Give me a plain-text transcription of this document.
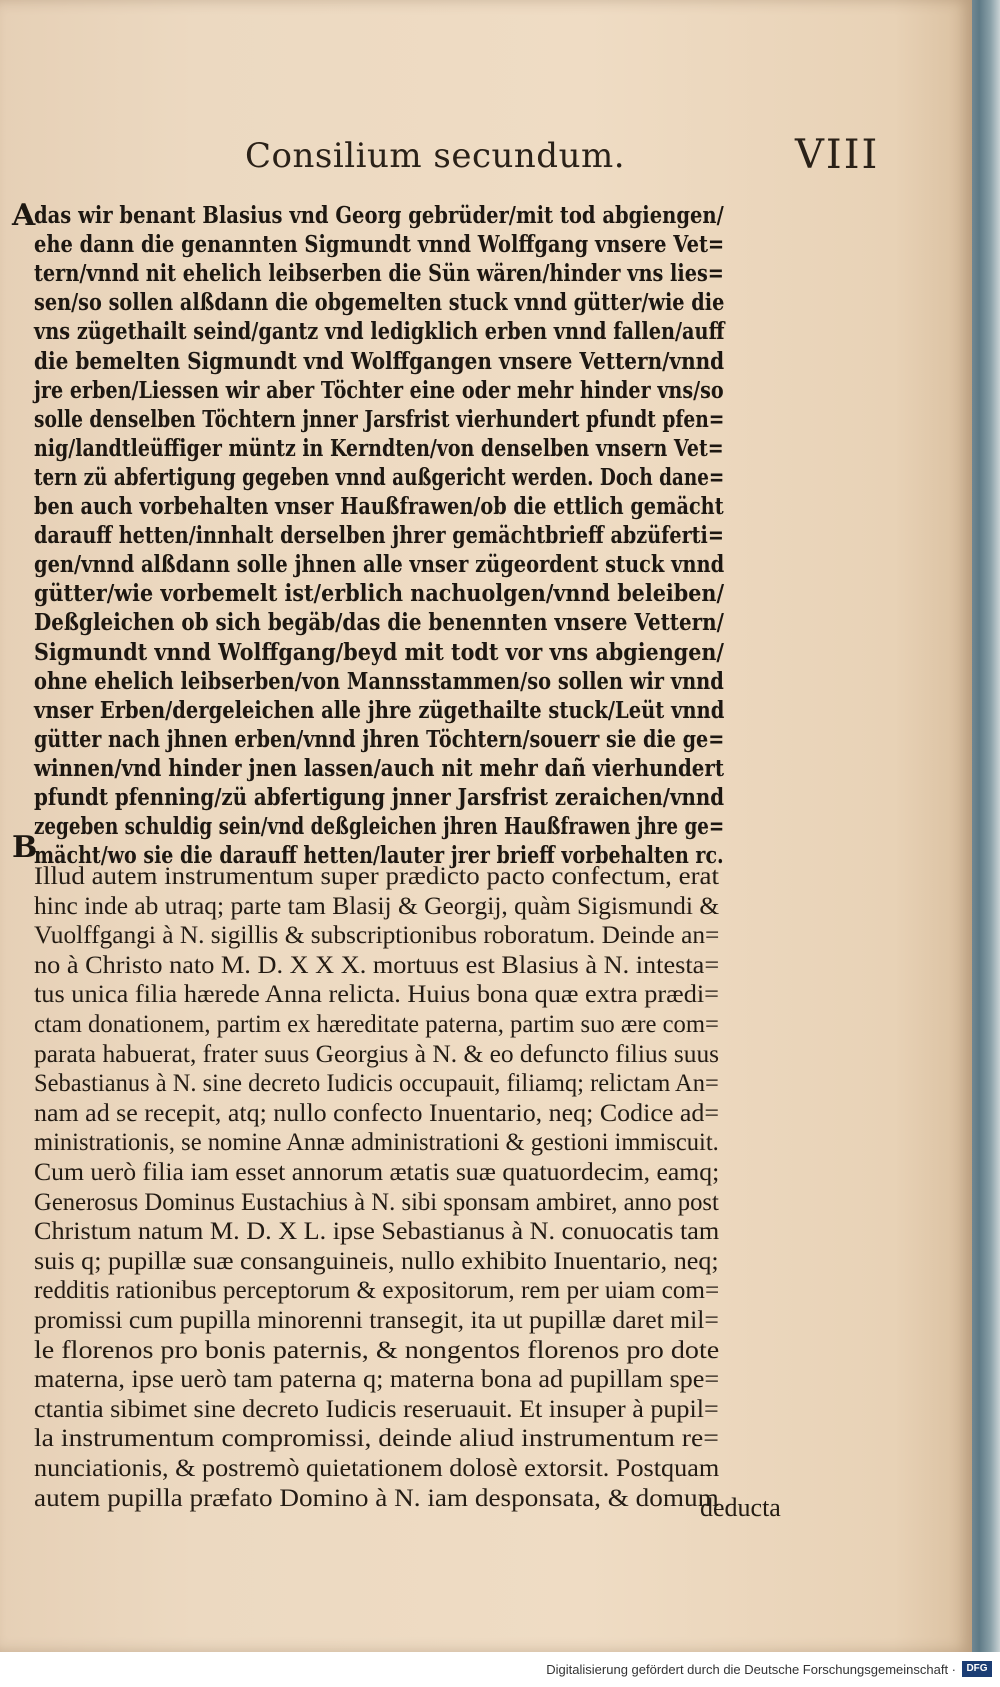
Consilium secundum.	VIII
A
B
das wir benant Blasius vnd Georg gebrüder/mit tod abgiengen/
ehe dann die genannten Sigmundt vnnd Wolffgang vnsere Vet=
tern/vnnd nit ehelich leibserben die Sün wären/hinder vns lies=
sen/so sollen alßdann die obgemelten stuck vnnd gütter/wie die
vns zügethailt seind/gantz vnd ledigklich erben vnnd fallen/auff
die bemelten Sigmundt vnd Wolffgangen vnsere Vettern/vnnd
jre erben/Liessen wir aber Töchter eine oder mehr hinder vns/so
solle denselben Töchtern jnner Jarsfrist vierhundert pfundt pfen=
nig/landtleüffiger müntz in Kerndten/von denselben vnsern Vet=
tern zü abfertigung gegeben vnnd außgericht werden. Doch dane=
ben auch vorbehalten vnser Haußfrawen/ob die ettlich gemächt
darauff hetten/innhalt derselben jhrer gemächtbrieff abzüferti=
gen/vnnd alßdann solle jhnen alle vnser zügeordent stuck vnnd
gütter/wie vorbemelt ist/erblich nachuolgen/vnnd beleiben/
Deßgleichen ob sich begäb/das die benennten vnsere Vettern/
Sigmundt vnnd Wolffgang/beyd mit todt vor vns abgiengen/
ohne ehelich leibserben/von Mannsstammen/so sollen wir vnnd
vnser Erben/dergeleichen alle jhre zügethailte stuck/Leüt vnnd
gütter nach jhnen erben/vnnd jhren Töchtern/souerr sie die ge=
winnen/vnd hinder jnen lassen/auch nit mehr dañ vierhundert
pfundt pfenning/zü abfertigung jnner Jarsfrist zeraichen/vnnd
zegeben schuldig sein/vnd deßgleichen jhren Haußfrawen jhre ge=
mächt/wo sie die darauff hetten/lauter jrer brieff vorbehalten rc.
Illud autem instrumentum super prædicto pacto confectum, erat
hinc inde ab utraq; parte tam Blasij & Georgij, quàm Sigismundi &
Vuolffgangi à N. sigillis & subscriptionibus roboratum. Deinde an=
no à Christo nato M. D. X X X. mortuus est Blasius à N. intesta=
tus unica filia hærede Anna relicta. Huius bona quæ extra prædi=
ctam donationem, partim ex hæreditate paterna, partim suo ære com=
parata habuerat, frater suus Georgius à N. & eo defuncto filius suus
Sebastianus à N. sine decreto Iudicis occupauit, filiamq; relictam An=
nam ad se recepit, atq; nullo confecto Inuentario, neq; Codice ad=
ministrationis, se nomine Annæ administrationi & gestioni immiscuit.
Cum uerò filia iam esset annorum ætatis suæ quatuordecim, eamq;
Generosus Dominus Eustachius à N. sibi sponsam ambiret, anno post
Christum natum M. D. X L. ipse Sebastianus à N. conuocatis tam
suis q; pupillæ suæ consanguineis, nullo exhibito Inuentario, neq;
redditis rationibus perceptorum & expositorum, rem per uiam com=
promissi cum pupilla minorenni transegit, ita ut pupillæ daret mil=
le florenos pro bonis paternis, & nongentos florenos pro dote
materna, ipse uerò tam paterna q; materna bona ad pupillam spe=
ctantia sibimet sine decreto Iudicis reseruauit. Et insuper à pupil=
la instrumentum compromissi, deinde aliud instrumentum re=
nunciationis, & postremò quietationem dolosè extorsit. Postquam
autem pupilla præfato Domino à N. iam desponsata, & domum
deducta
Digitalisierung gefördert durch die Deutsche Forschungsgemeinschaft ·	DFG
